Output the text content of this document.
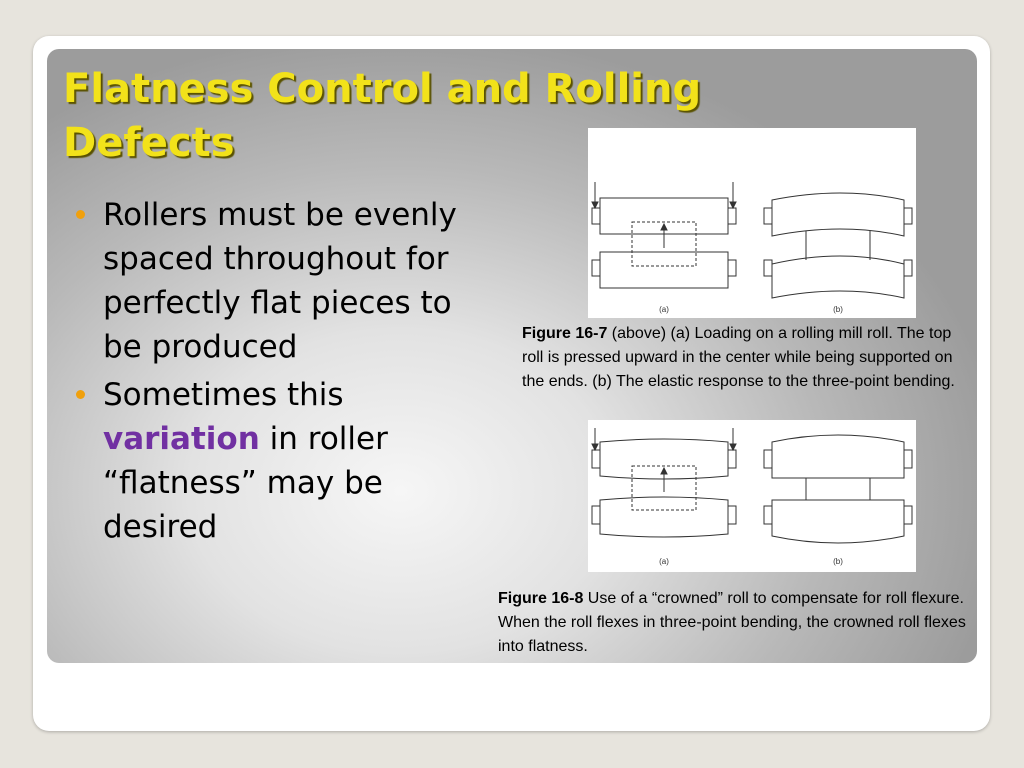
Flatness Control and Rolling Defects
Rollers must be evenly spaced throughout for perfectly flat pieces to be produced
Sometimes this variation in roller “flatness” may be desired
(a)	(b)

Figure 16-7 (above) (a) Loading on a rolling mill roll. The top roll is pressed upward in the center while being supported on the ends. (b) The elastic response to the three-point bending.

(a)	(b)

Figure 16-8 Use of a “crowned” roll to compensate for roll flexure. When the roll flexes in three-point bending, the crowned roll flexes into flatness.
